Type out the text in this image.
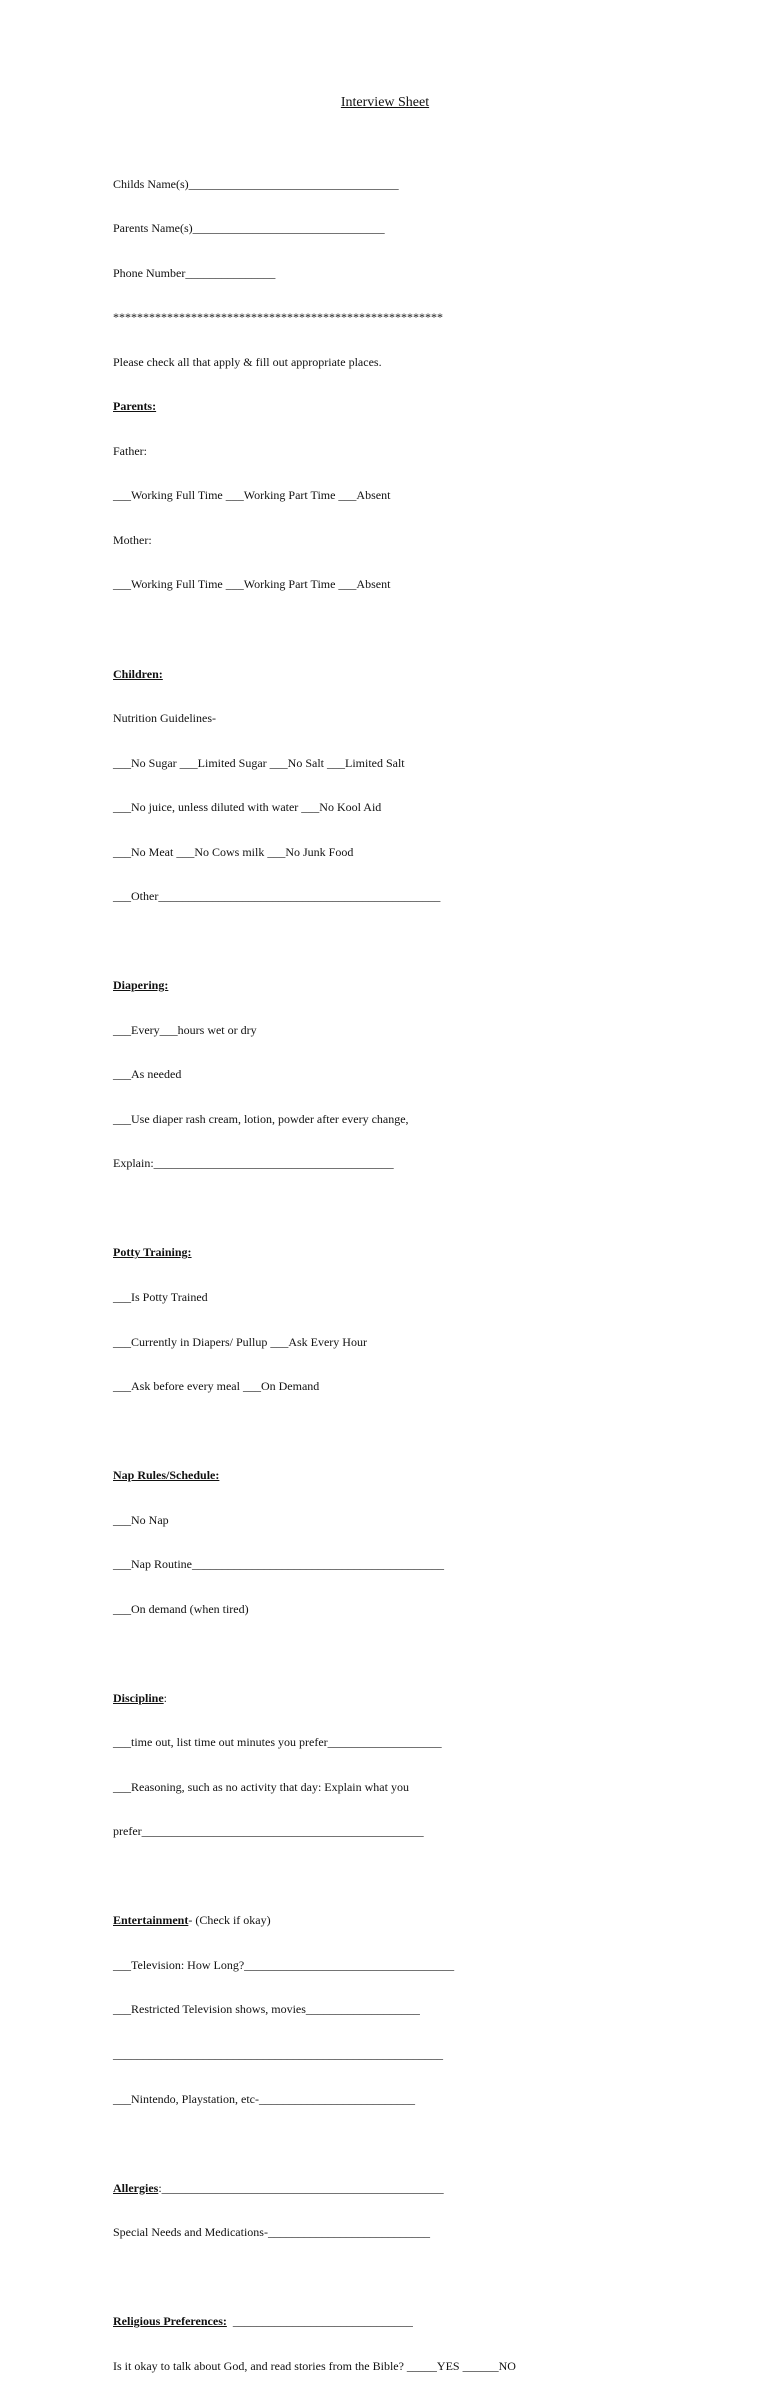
Interview Sheet

Childs Name(s)___________________________________

Parents Name(s)________________________________

Phone Number_______________

*******************************************************

Please check all that apply & fill out appropriate places.

Parents:

Father:

___Working Full Time ___Working Part Time ___Absent

Mother:

___Working Full Time ___Working Part Time ___Absent

Children:

Nutrition Guidelines-

___No Sugar ___Limited Sugar ___No Salt ___Limited Salt

___No juice, unless diluted with water ___No Kool Aid

___No Meat ___No Cows milk ___No Junk Food

___Other_______________________________________________

Diapering:

___Every___hours wet or dry

___As needed

___Use diaper rash cream, lotion, powder after every change,

Explain:________________________________________

Potty Training:

___Is Potty Trained

___Currently in Diapers/ Pullup ___Ask Every Hour

___Ask before every meal ___On Demand

Nap Rules/Schedule:

___No Nap

___Nap Routine__________________________________________

___On demand (when tired)

Discipline:

___time out, list time out minutes you prefer___________________

___Reasoning, such as no activity that day: Explain what you

prefer_______________________________________________

Entertainment- (Check if okay)

___Television: How Long?___________________________________

___Restricted Television shows, movies___________________

_______________________________________________________

___Nintendo, Playstation, etc-__________________________

Allergies:_______________________________________________

Special Needs and Medications-___________________________

Religious Preferences:  ______________________________

Is it okay to talk about God, and read stories from the Bible? _____YES ______NO
